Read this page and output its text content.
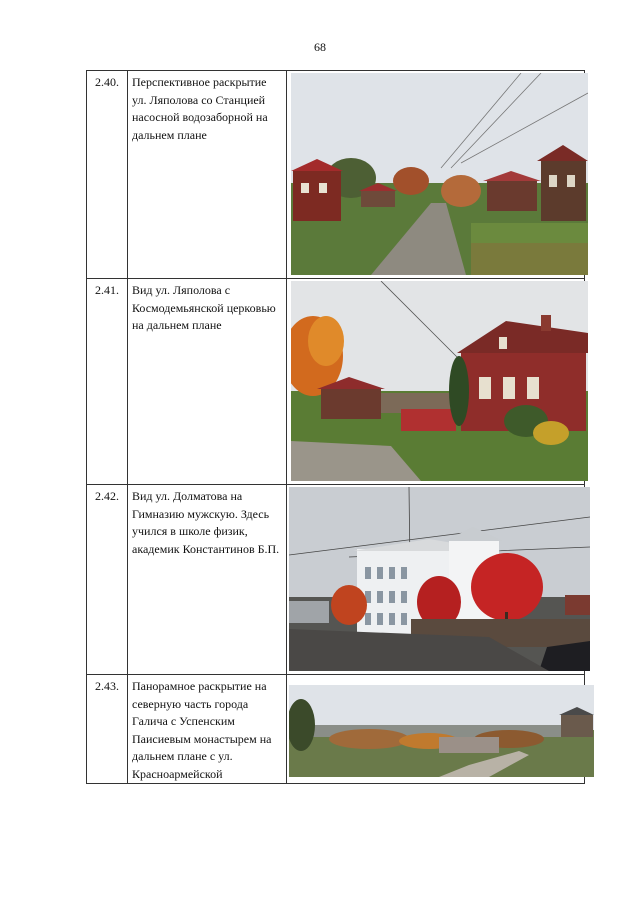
68
2.40.	Перспективное раскрытие ул. Ляполова со Станцией насосной водозаборной на дальнем плане	

2.41.	Вид ул. Ляполова с Космодемьянской церковью на дальнем плане	

2.42.	Вид ул. Долматова на Гимназию мужскую. Здесь учился в школе физик, академик Константинов Б.П.	

2.43.	Панорамное раскрытие на северную часть города Галича с Успенским Паисиевым монастырем на дальнем плане с ул. Красноармейской	
